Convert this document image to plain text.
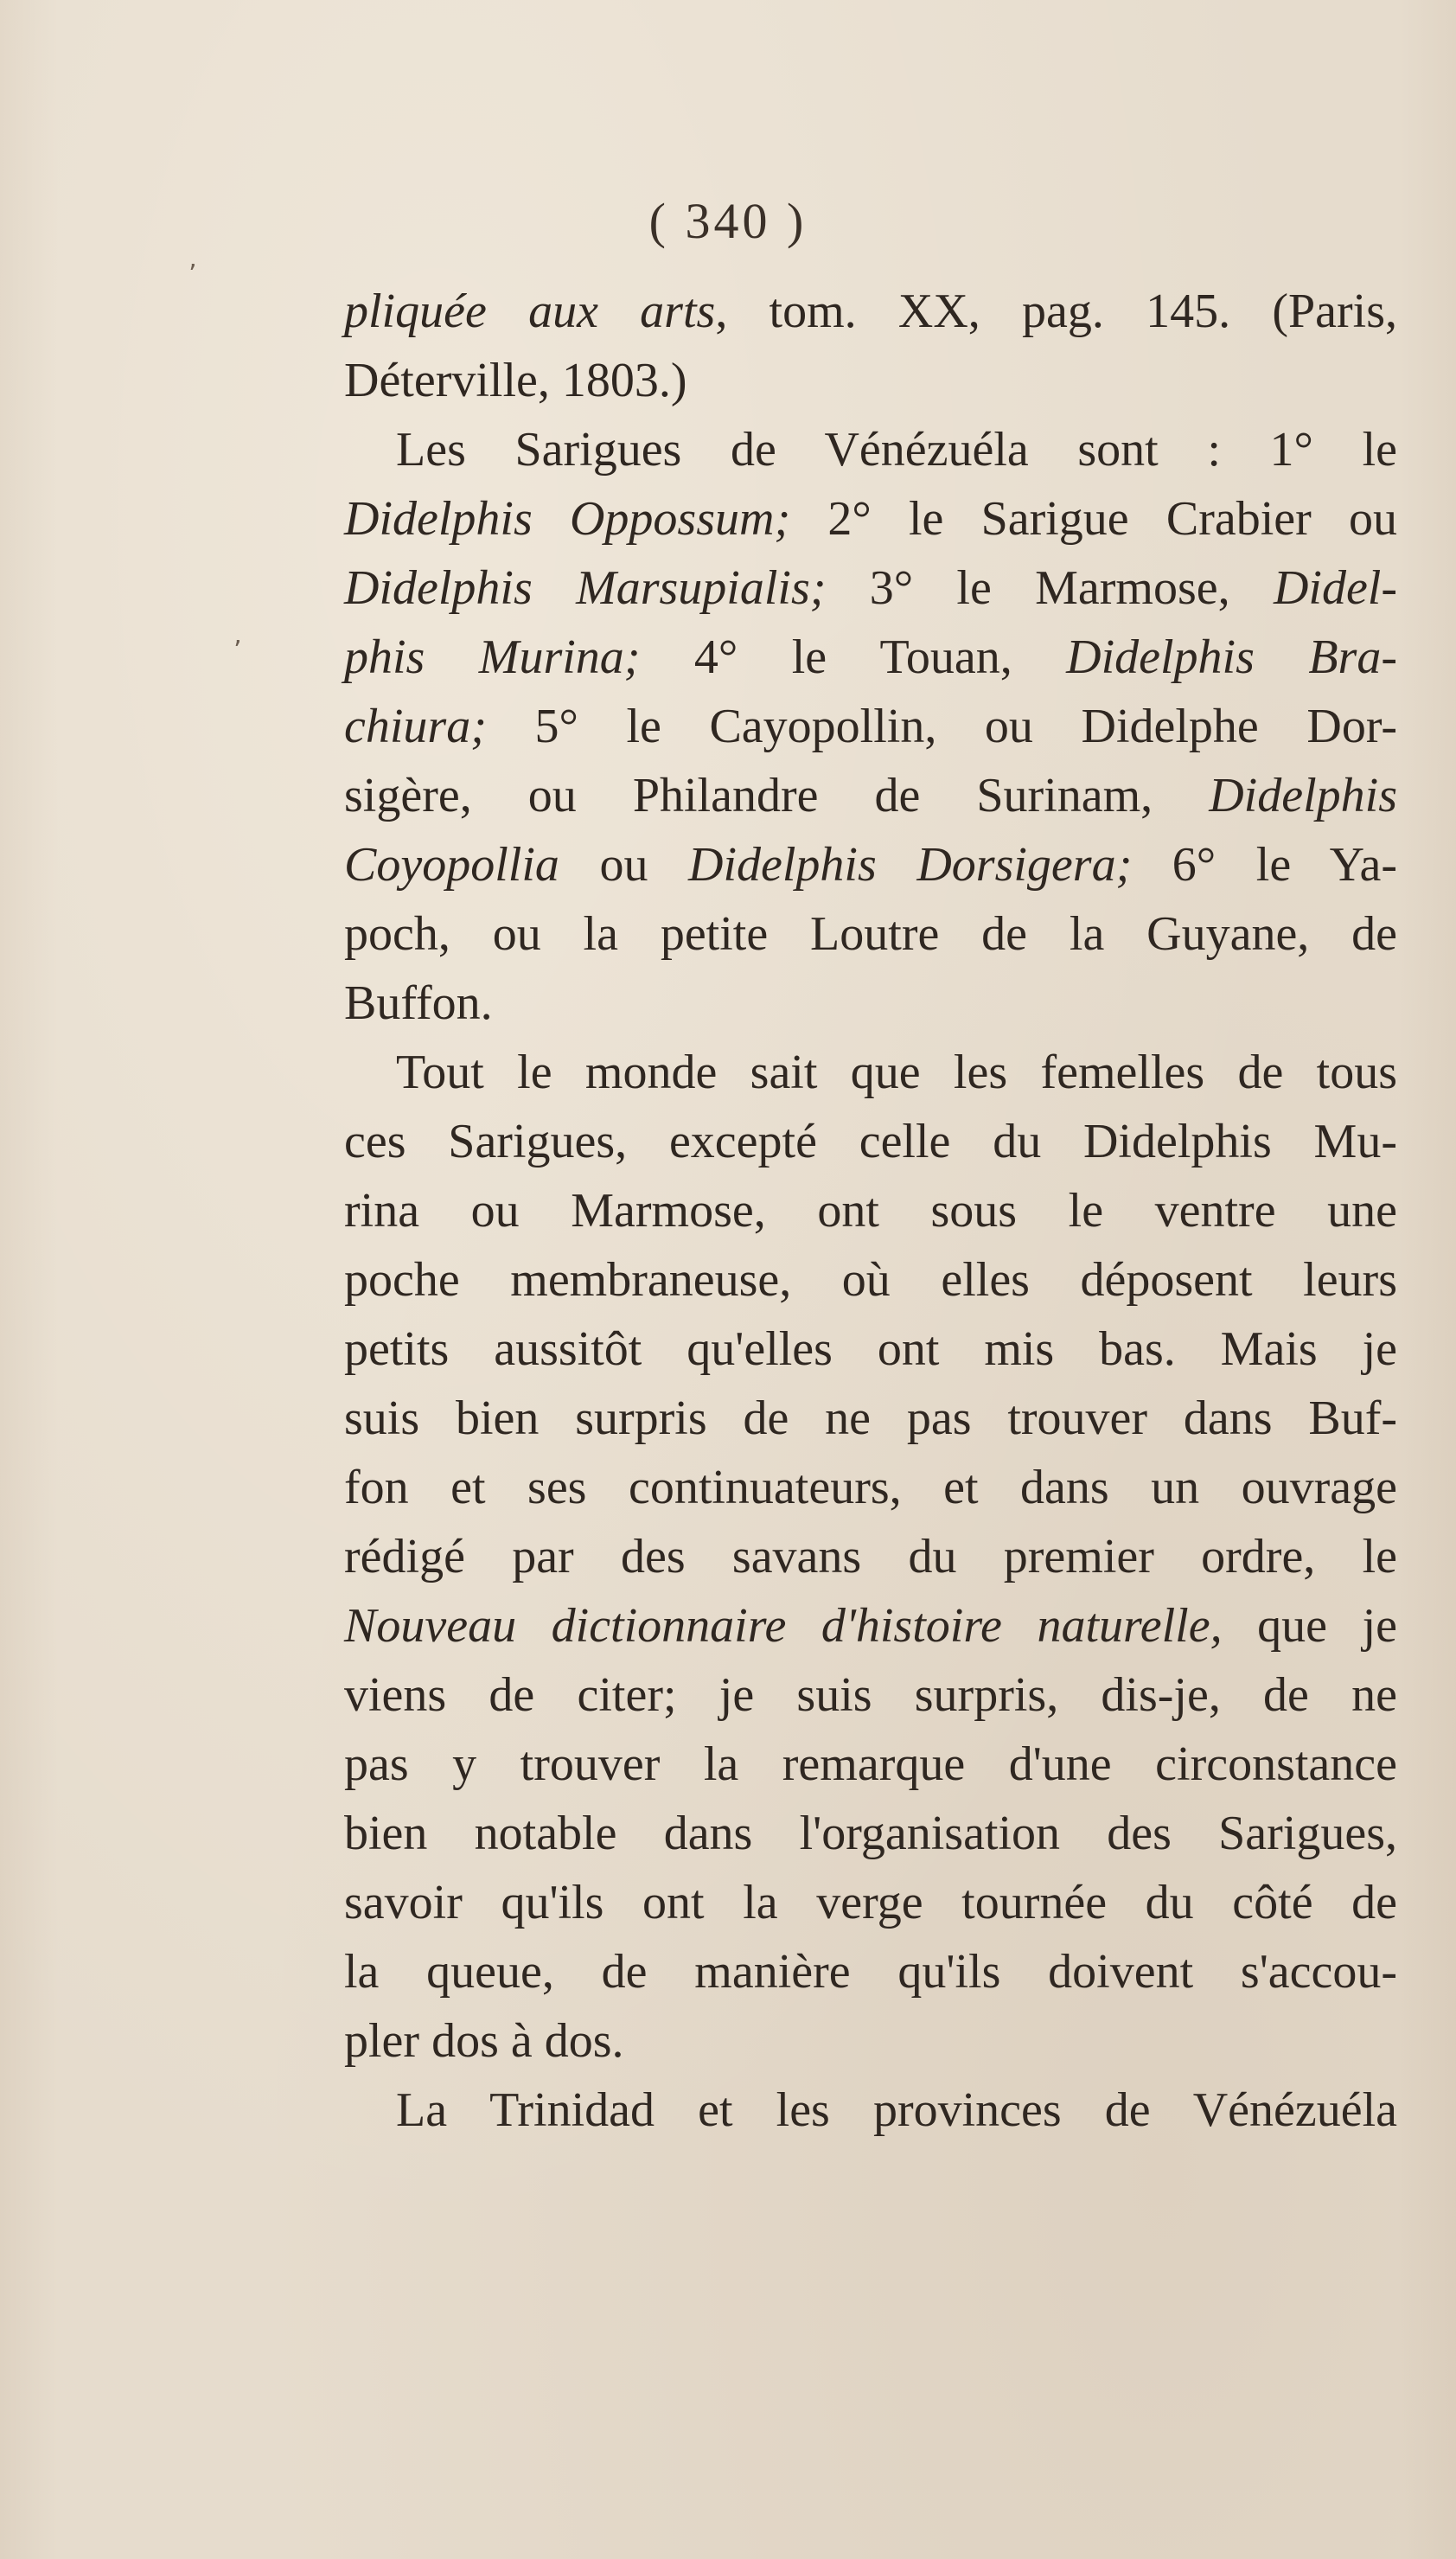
( 340 )
pliquée aux arts, tom. XX, pag. 145. (Paris,
Déterville, 1803.)
Les Sarigues de Vénézuéla sont : 1° le
Didelphis Oppossum; 2° le Sarigue Crabier ou
Didelphis Marsupialis; 3° le Marmose, Didel-
phis Murina; 4° le Touan, Didelphis Bra-
chiura; 5° le Cayopollin, ou Didelphe Dor-
sigère, ou Philandre de Surinam, Didelphis
Coyopollia ou Didelphis Dorsigera; 6° le Ya-
poch, ou la petite Loutre de la Guyane, de
Buffon.
Tout le monde sait que les femelles de tous
ces Sarigues, excepté celle du Didelphis Mu-
rina ou Marmose, ont sous le ventre une
poche membraneuse, où elles déposent leurs
petits aussitôt qu'elles ont mis bas. Mais je
suis bien surpris de ne pas trouver dans Buf-
fon et ses continuateurs, et dans un ouvrage
rédigé par des savans du premier ordre, le
Nouveau dictionnaire d'histoire naturelle, que je
viens de citer; je suis surpris, dis-je, de ne
pas y trouver la remarque d'une circonstance
bien notable dans l'organisation des Sarigues,
savoir qu'ils ont la verge tournée du côté de
la queue, de manière qu'ils doivent s'accou-
pler dos à dos.
La Trinidad et les provinces de Vénézuéla
ʼ
ʼ
